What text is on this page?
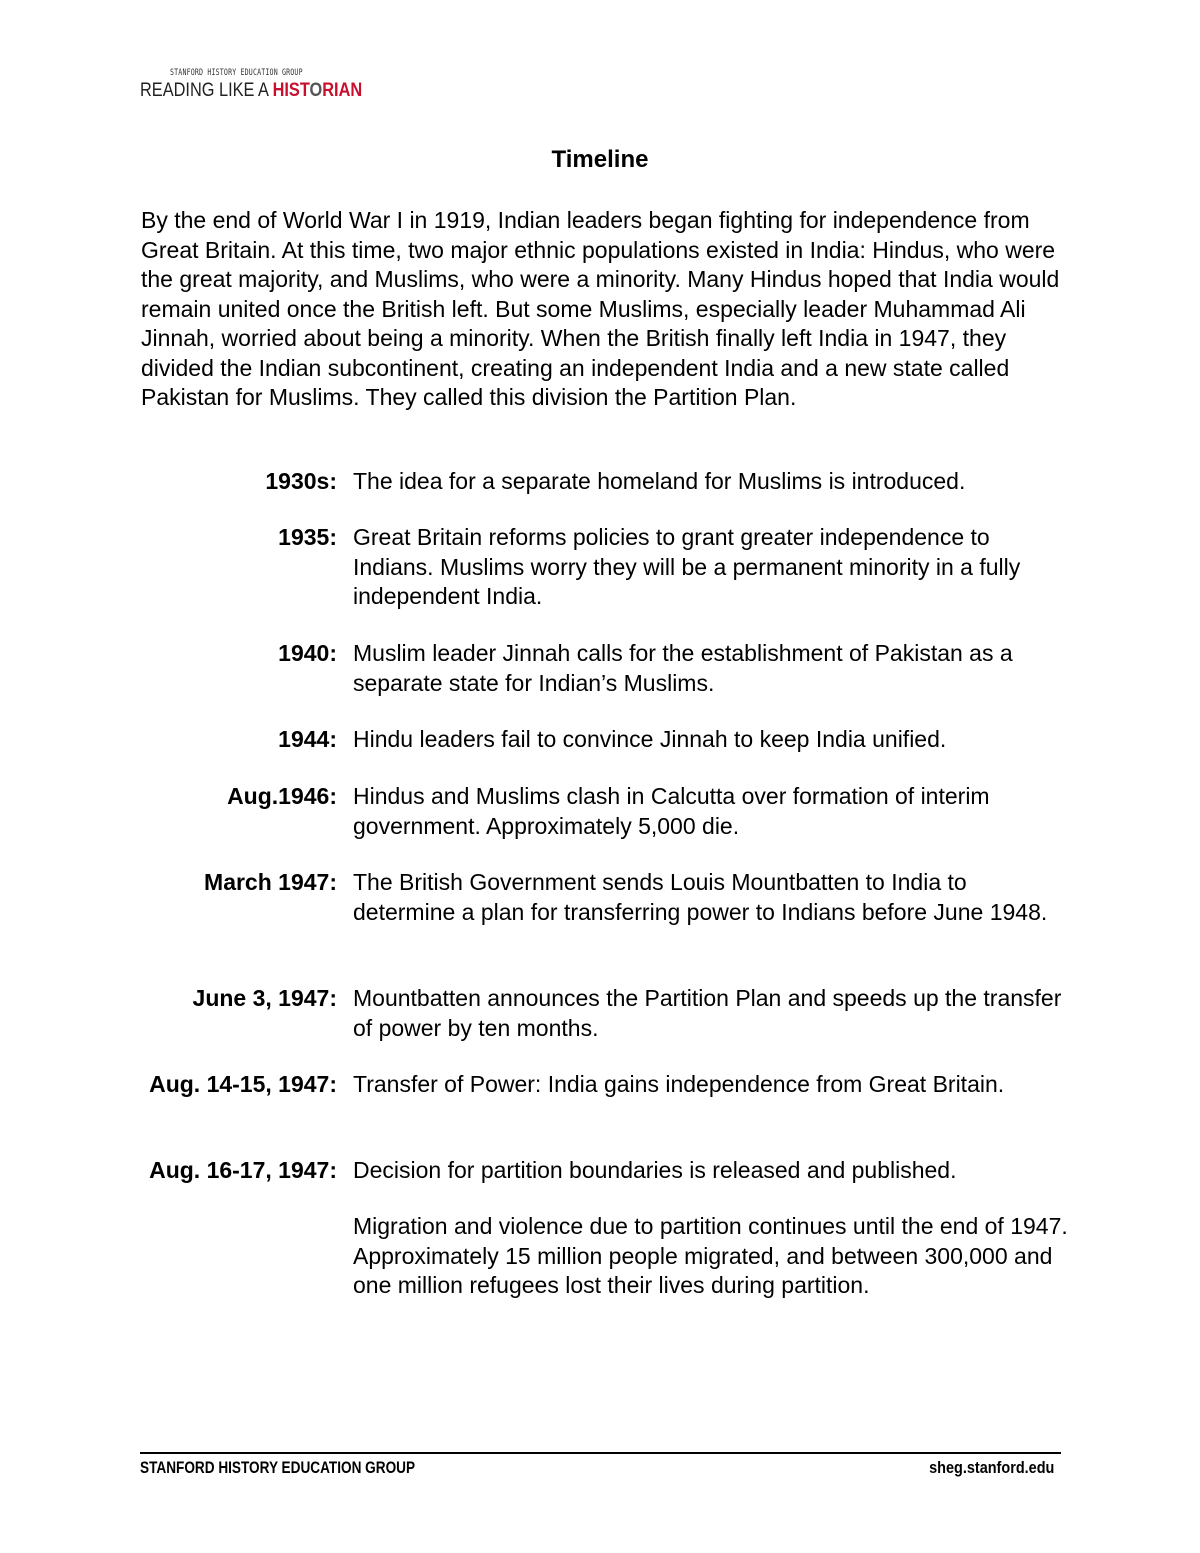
STANFORD HISTORY EDUCATION GROUP
READING LIKE A HISTORIAN
Timeline

By the end of World War I in 1919, Indian leaders began fighting for independence from Great Britain. At this time, two major ethnic populations existed in India: Hindus, who were the great majority, and Muslims, who were a minority. Many Hindus hoped that India would remain united once the British left. But some Muslims, especially leader Muhammad Ali Jinnah, worried about being a minority. When the British finally left India in 1947, they divided the Indian subcontinent, creating an independent India and a new state called Pakistan for Muslims. They called this division the Partition Plan.

1930s: The idea for a separate homeland for Muslims is introduced.

1935: Great Britain reforms policies to grant greater independence to Indians. Muslims worry they will be a permanent minority in a fully independent India.

1940: Muslim leader Jinnah calls for the establishment of Pakistan as a separate state for Indian’s Muslims.

1944: Hindu leaders fail to convince Jinnah to keep India unified.

Aug.1946: Hindus and Muslims clash in Calcutta over formation of interim government. Approximately 5,000 die.

March 1947: The British Government sends Louis Mountbatten to India to determine a plan for transferring power to Indians before June 1948.

June 3, 1947: Mountbatten announces the Partition Plan and speeds up the transfer of power by ten months.

Aug. 14-15, 1947: Transfer of Power: India gains independence from Great Britain.

Aug. 16-17, 1947: Decision for partition boundaries is released and published.

Migration and violence due to partition continues until the end of 1947. Approximately 15 million people migrated, and between 300,000 and one million refugees lost their lives during partition.

STANFORD HISTORY EDUCATION GROUP	sheg.stanford.edu
